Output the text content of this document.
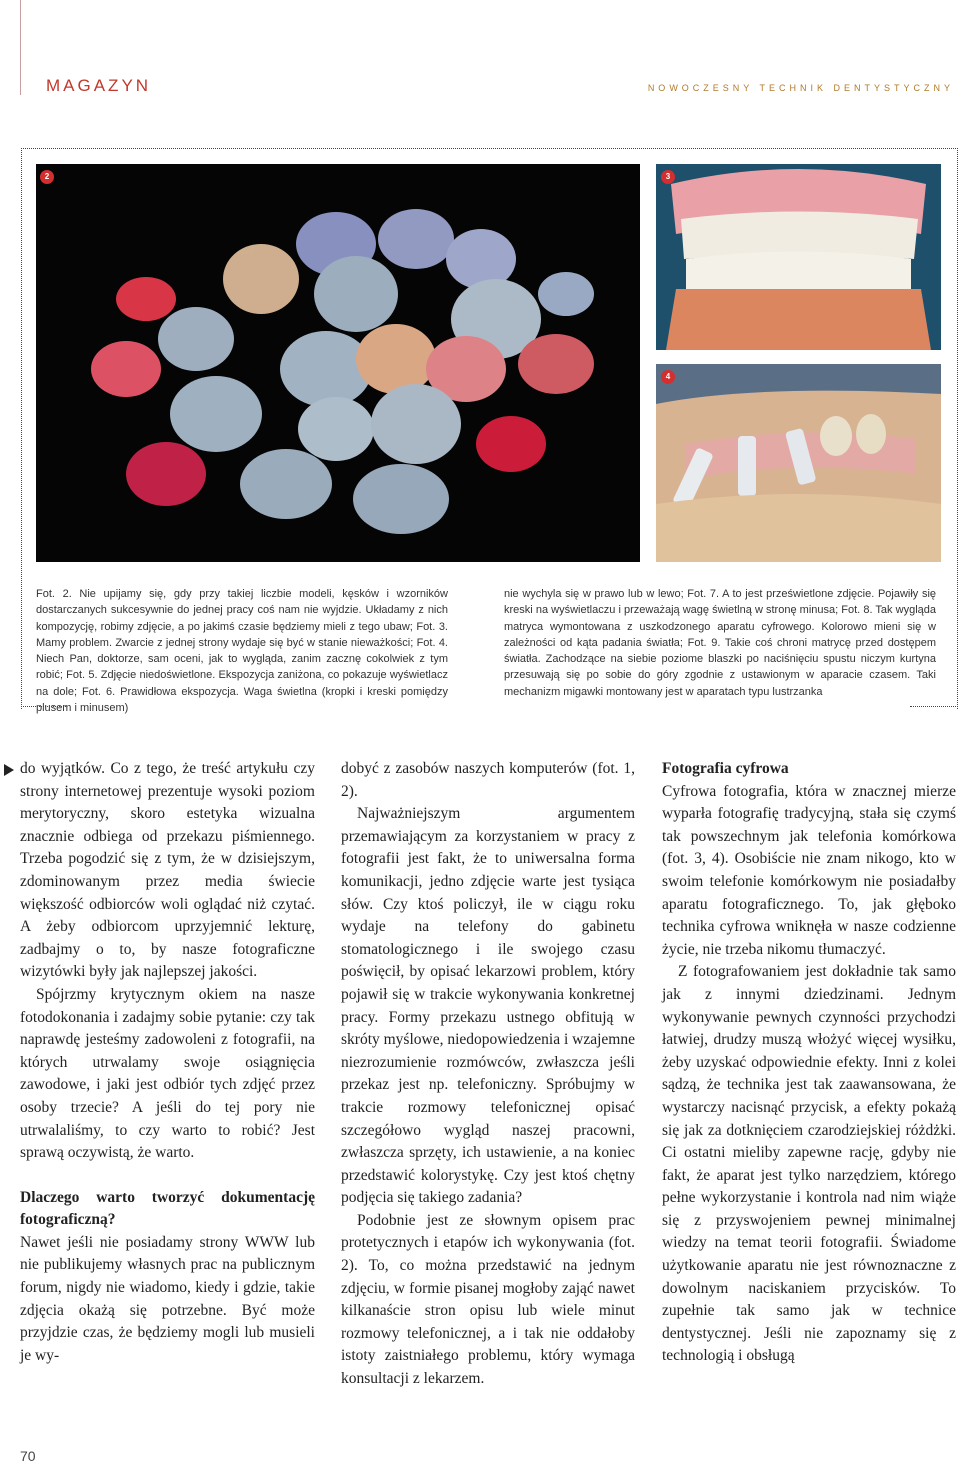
MAGAZYN	NOWOCZESNY TECHNIK DENTYSTYCZNY
2	3
4
Fot. 2. Nie upijamy się, gdy przy takiej liczbie modeli, kęsków i wzorników dostarczanych sukcesywnie do jednej pracy coś nam nie wyjdzie. Układamy z nich kompozycję, robimy zdjęcie, a po jakimś czasie będziemy mieli z tego ubaw; Fot. 3. Mamy problem. Zwarcie z jednej strony wydaje się być w stanie nieważkości; Fot. 4. Niech Pan, doktorze, sam oceni, jak to wygląda, zanim zacznę cokolwiek z tym robić; Fot. 5. Zdjęcie niedoświetlone. Ekspozycja zaniżona, co pokazuje wyświetlacz na dole; Fot. 6. Prawidłowa ekspozycja. Waga świetlna (kropki i kreski pomiędzy plusem i minusem)
nie wychyla się w prawo lub w lewo; Fot. 7. A to jest prześwietlone zdjęcie. Pojawiły się kreski na wyświetlaczu i przeważają wagę świetlną w stronę minusa; Fot. 8. Tak wygląda matryca wymontowana z uszkodzonego aparatu cyfrowego. Kolorowo mieni się w zależności od kąta padania światła; Fot. 9. Takie coś chroni matrycę przed dostępem światła. Zachodzące na siebie poziome blaszki po naciśnięciu spustu niczym kurtyna przesuwają się po sobie do góry zgodnie z ustawionym w aparacie czasem. Taki mechanizm migawki montowany jest w aparatach typu lustrzanka

do wyjątków. Co z tego, że treść artykułu czy strony internetowej prezentuje wysoki poziom merytoryczny, skoro estetyka wizualna znacznie odbiega od przekazu piśmiennego. Trzeba pogodzić się z tym, że w dzisiejszym, zdominowanym przez media świecie większość odbiorców woli oglądać niż czytać. A żeby odbiorcom uprzyjemnić lekturę, zadbajmy o to, by nasze fotograficzne wizytówki były jak najlepszej jakości.

Spójrzmy krytycznym okiem na nasze fotodokonania i zadajmy sobie pytanie: czy tak naprawdę jesteśmy zadowoleni z fotografii, na których utrwalamy swoje osiągnięcia zawodowe, i jaki jest odbiór tych zdjęć przez osoby trzecie? A jeśli do tej pory nie utrwalaliśmy, to czy warto to robić? Jest sprawą oczywistą, że warto.

Dlaczego warto tworzyć dokumentację fotograficzną?

Nawet jeśli nie posiadamy strony WWW lub nie publikujemy własnych prac na publicznym forum, nigdy nie wiadomo, kiedy i gdzie, takie zdjęcia okażą się potrzebne. Być może przyjdzie czas, że będziemy mogli lub musieli je wy-

dobyć z zasobów naszych komputerów (fot. 1, 2).

Najważniejszym argumentem przemawiającym za korzystaniem w pracy z fotografii jest fakt, że to uniwersalna forma komunikacji, jedno zdjęcie warte jest tysiąca słów. Czy ktoś policzył, ile w ciągu roku wydaje na telefony do gabinetu stomatologicznego i ile swojego czasu poświęcił, by opisać lekarzowi problem, który pojawił się w trakcie wykonywania konkretnej pracy. Formy przekazu ustnego obfitują w skróty myślowe, niedopowiedzenia i wzajemne niezrozumienie rozmówców, zwłaszcza jeśli przekaz jest np. telefoniczny. Spróbujmy w trakcie rozmowy telefonicznej opisać szczegółowo wygląd naszej pracowni, zwłaszcza sprzęty, ich ustawienie, a na koniec przedstawić kolorystykę. Czy jest ktoś chętny podjęcia się takiego zadania?

Podobnie jest ze słownym opisem prac protetycznych i etapów ich wykonywania (fot. 2). To, co można przedstawić na jednym zdjęciu, w formie pisanej mogłoby zająć nawet kilkanaście stron opisu lub wiele minut rozmowy telefonicznej, a i tak nie oddałoby istoty zaistniałego problemu, który wymaga konsultacji z lekarzem.

Fotografia cyfrowa

Cyfrowa fotografia, która w znacznej mierze wyparła fotografię tradycyjną, stała się czymś tak powszechnym jak telefonia komórkowa (fot. 3, 4). Osobiście nie znam nikogo, kto w swoim telefonie komórkowym nie posiadałby aparatu fotograficznego. To, jak głęboko technika cyfrowa wniknęła w nasze codzienne życie, nie trzeba nikomu tłumaczyć.

Z fotografowaniem jest dokładnie tak samo jak z innymi dziedzinami. Jednym wykonywanie pewnych czynności przychodzi łatwiej, drudzy muszą włożyć więcej wysiłku, żeby uzyskać odpowiednie efekty. Inni z kolei sądzą, że technika jest tak zaawansowana, że wystarczy nacisnąć przycisk, a efekty pokażą się jak za dotknięciem czarodziejskiej różdżki. Ci ostatni mieliby zapewne rację, gdyby nie fakt, że aparat jest tylko narzędziem, którego pełne wykorzystanie i kontrola nad nim wiąże się z przyswojeniem pewnej minimalnej wiedzy na temat teorii fotografii. Świadome użytkowanie aparatu nie jest równoznaczne z dowolnym naciskaniem przycisków. To zupełnie tak samo jak w technice dentystycznej. Jeśli nie zapoznamy się z technologią i obsługą

70
